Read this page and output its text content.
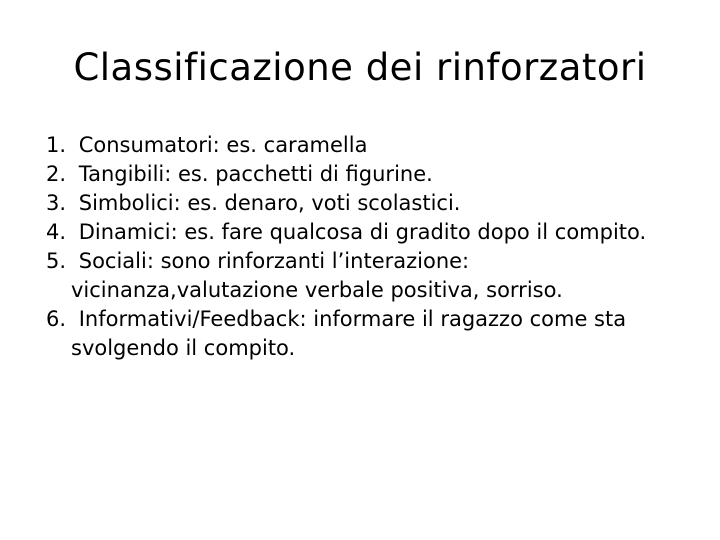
Classificazione dei rinforzatori
1. Consumatori: es. caramella
2. Tangibili: es. pacchetti di figurine.
3. Simbolici: es. denaro, voti scolastici.
4. Dinamici: es. fare qualcosa di gradito dopo il compito.
5. Sociali: sono rinforzanti l’interazione: vicinanza,valutazione verbale positiva, sorriso.
6. Informativi/Feedback: informare il ragazzo come sta svolgendo il compito.
